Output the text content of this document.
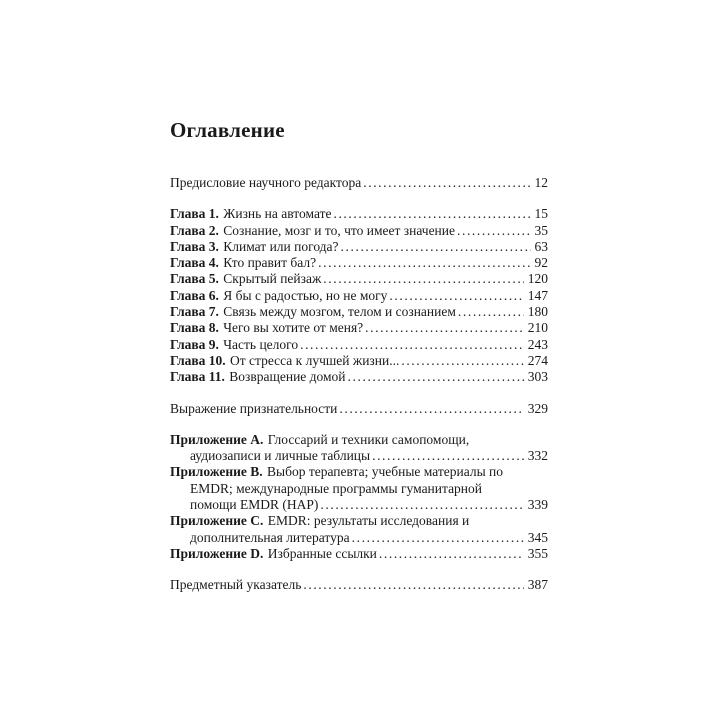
Оглавление
Предисловие научного редактора .....	12
Глава 1. Жизнь на автомате .....	15
Глава 2. Сознание, мозг и то, что имеет значение .....	35
Глава 3. Климат или погода? .....	63
Глава 4. Кто правит бал? .....	92
Глава 5. Скрытый пейзаж .....	120
Глава 6. Я бы с радостью, но не могу .....	147
Глава 7. Связь между мозгом, телом и сознанием .....	180
Глава 8. Чего вы хотите от меня? .....	210
Глава 9. Часть целого .....	243
Глава 10. От стресса к лучшей жизни... .....	274
Глава 11. Возвращение домой .....	303
Выражение признательности .....	329
Приложение A. Глоссарий и техники самопомощи,
аудиозаписи и личные таблицы .....	332
Приложение B. Выбор терапевта; учебные материалы по
EMDR; международные программы гуманитарной
помощи EMDR (HAP) .....	339
Приложение C. EMDR: результаты исследования и
дополнительная литература .....	345
Приложение D. Избранные ссылки .....	355
Предметный указатель .....	387
